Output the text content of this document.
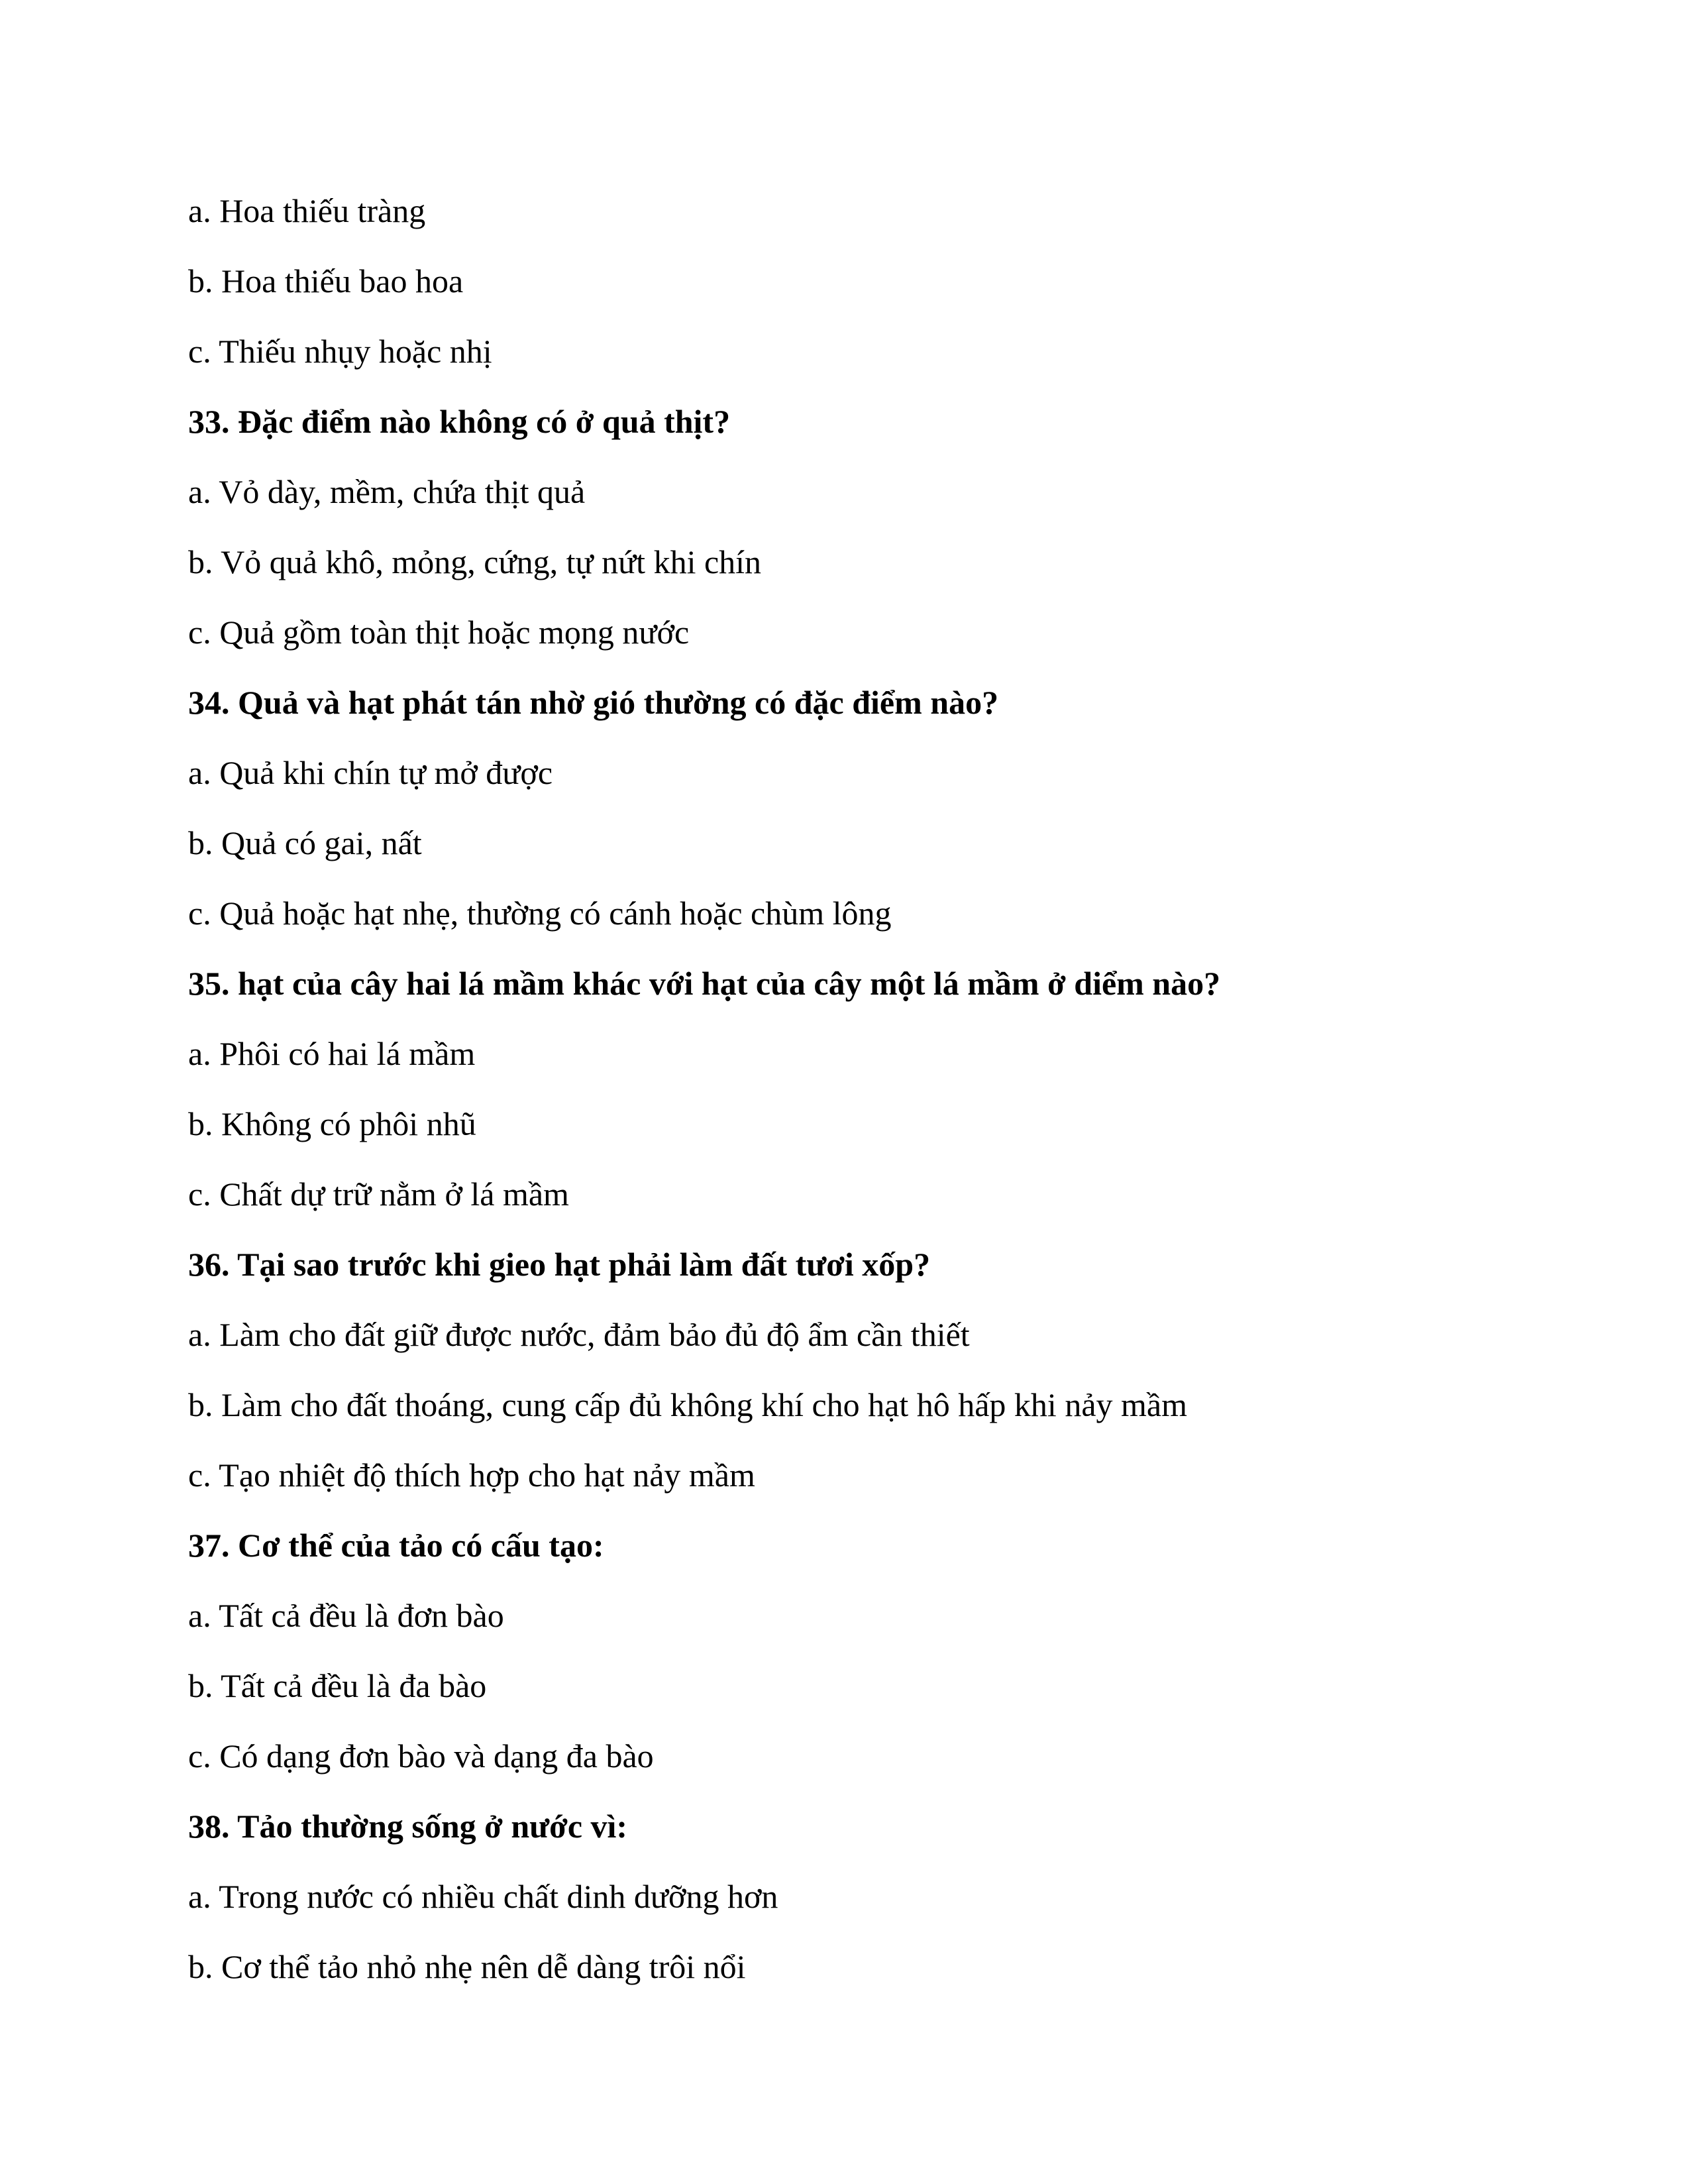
a. Hoa thiếu tràng
b. Hoa thiếu bao hoa
c. Thiếu nhụy hoặc nhị
33. Đặc điểm nào không có ở quả thịt?
a. Vỏ dày, mềm, chứa thịt quả
b. Vỏ quả khô, mỏng, cứng, tự nứt khi chín
c. Quả gồm toàn thịt hoặc mọng nước
34. Quả và hạt phát tán nhờ gió thường có đặc điểm nào?
a. Quả khi chín tự mở được
b. Quả có gai, nất
c. Quả hoặc hạt nhẹ, thường có cánh hoặc chùm lông
35. hạt của cây hai lá mầm khác với hạt của cây một lá mầm ở diểm nào?
a. Phôi có hai lá mầm
b. Không có phôi nhũ
c. Chất dự trữ nằm ở lá mầm
36. Tại sao trước khi gieo hạt phải làm đất tươi xốp?
a. Làm cho đất giữ được nước, đảm bảo đủ độ ẩm cần thiết
b. Làm cho đất thoáng, cung cấp đủ không khí cho hạt hô hấp khi nảy mầm
c. Tạo nhiệt độ thích hợp cho hạt nảy mầm
37. Cơ thể của tảo có cấu tạo:
a. Tất cả đều là đơn bào
b. Tất cả đều là đa bào
c. Có dạng đơn bào và dạng đa bào
38. Tảo thường sống ở nước vì:
a. Trong nước có nhiều chất dinh dưỡng hơn
b. Cơ thể tảo nhỏ nhẹ nên dễ dàng trôi nổi
